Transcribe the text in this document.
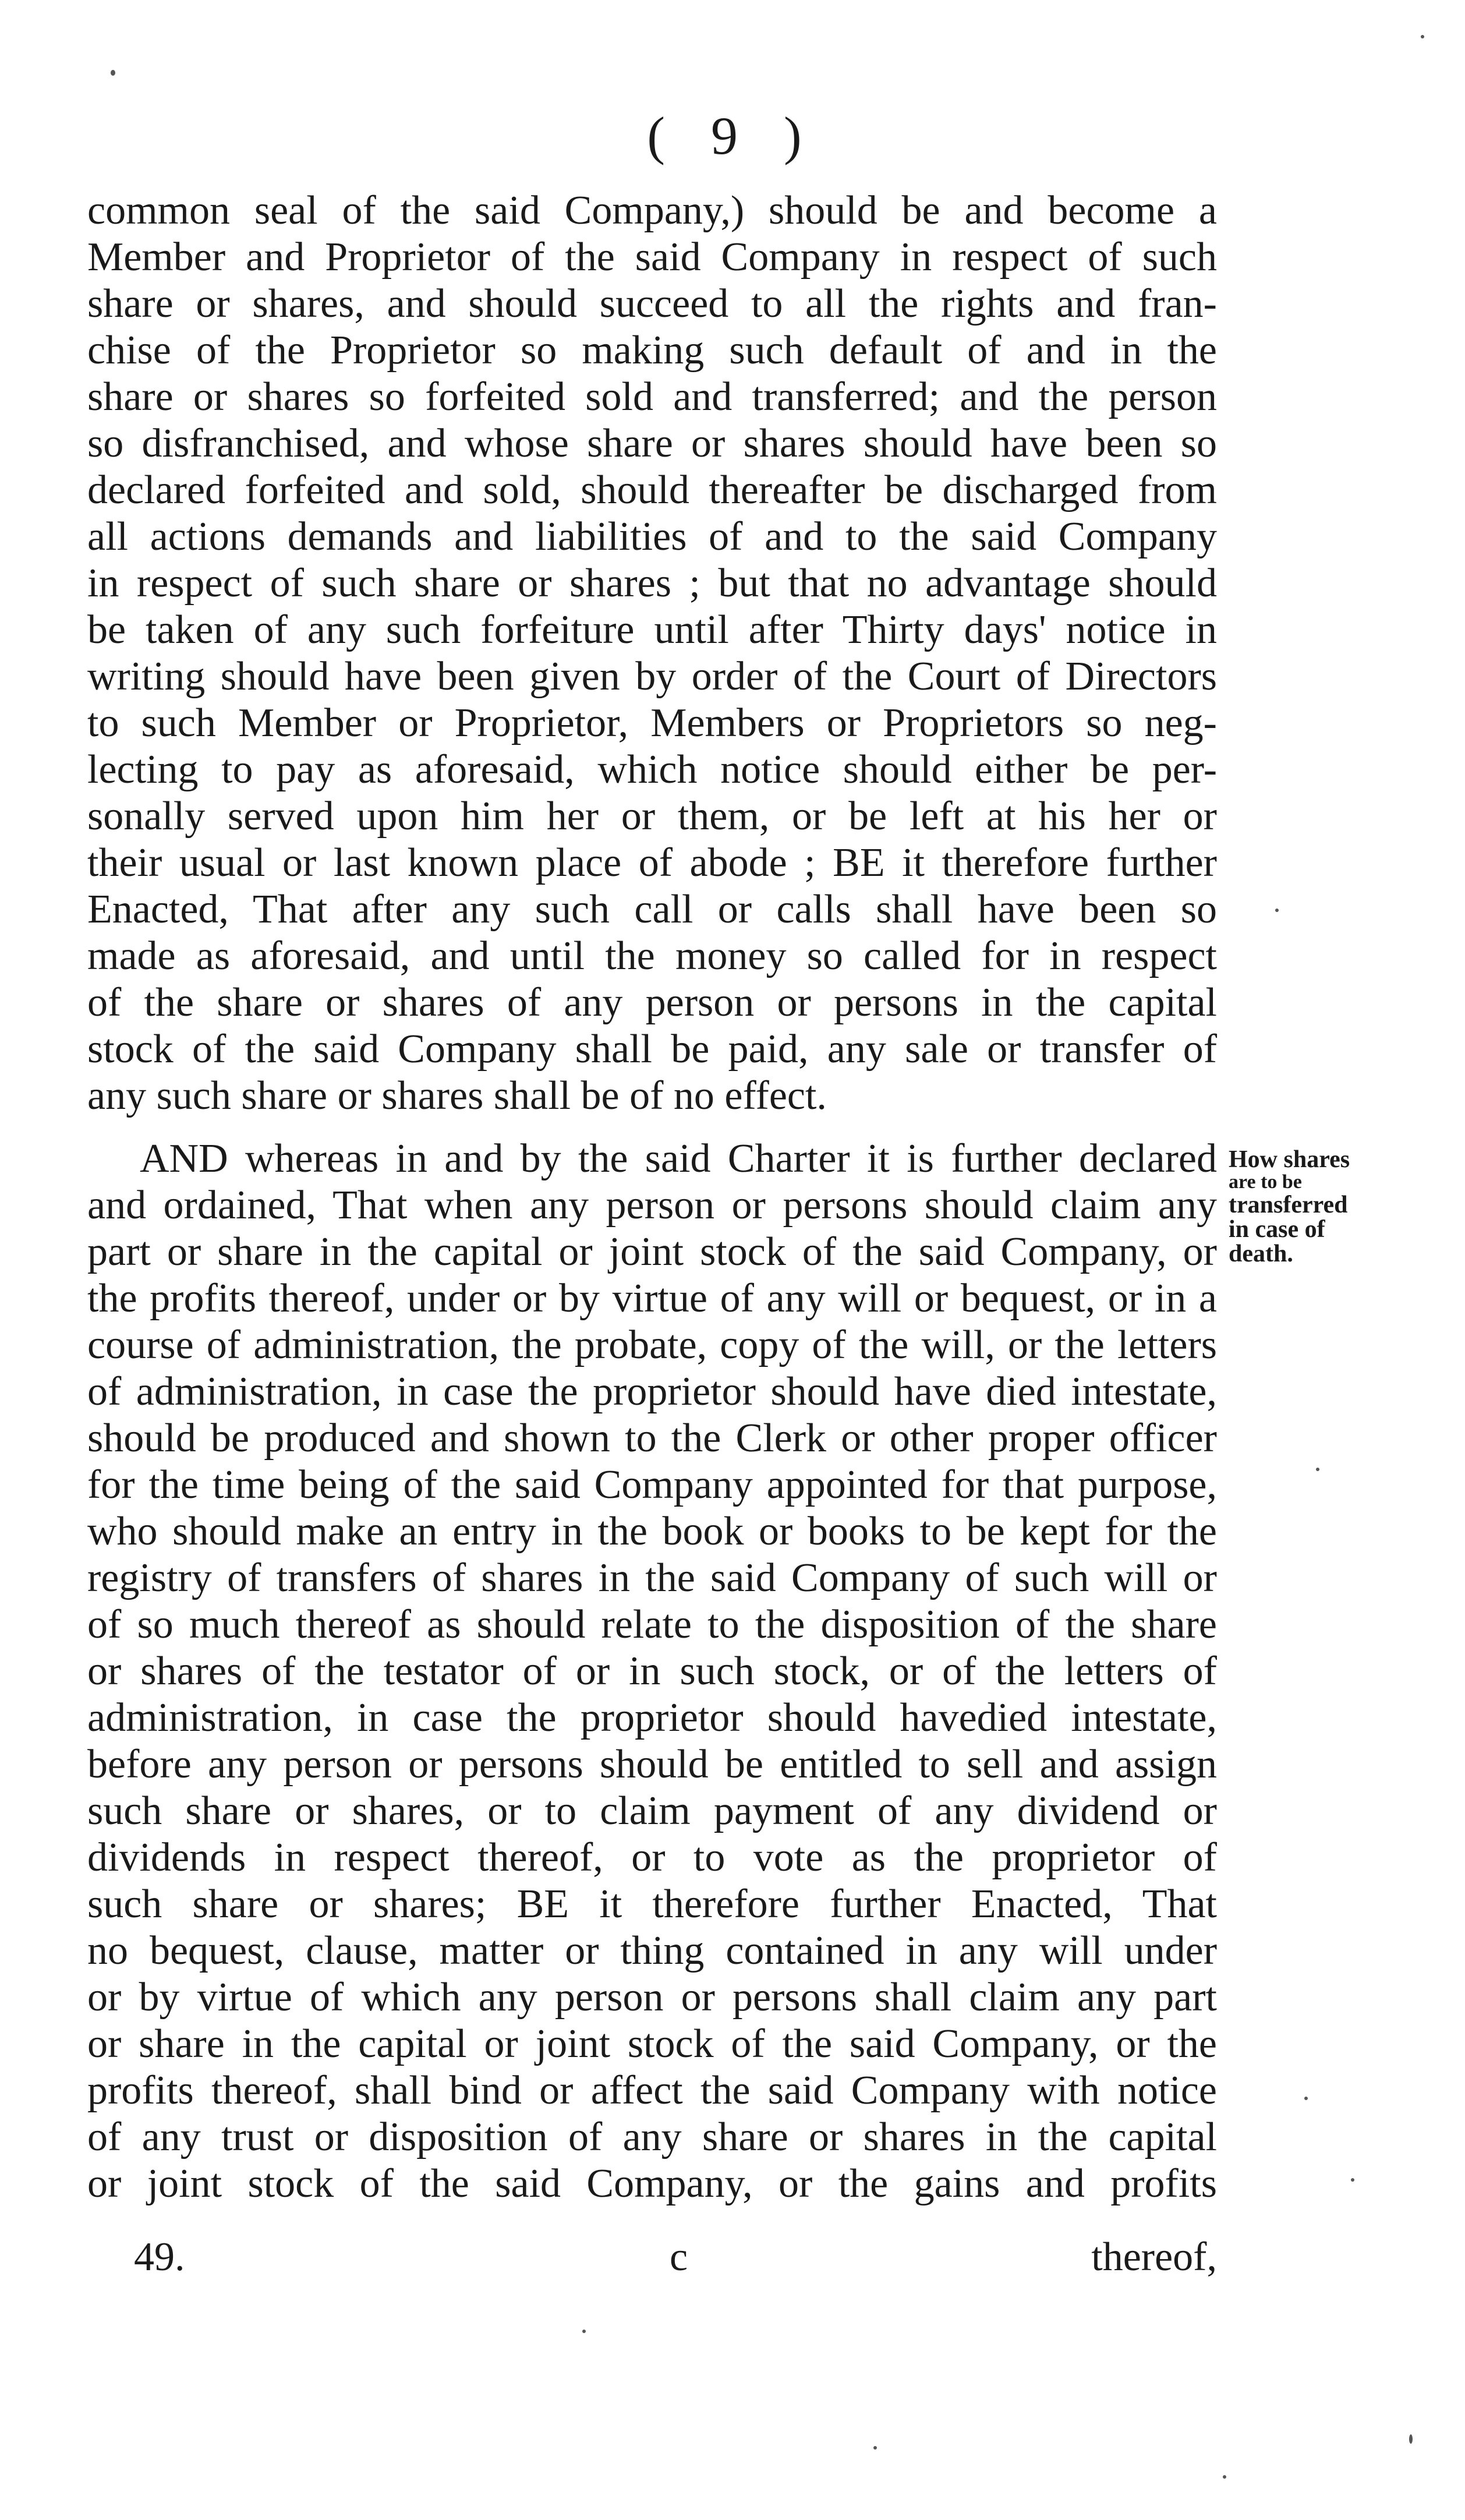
( 9 )
common seal of the said Company,) should be and become a
Member and Proprietor of the said Company in respect of such
share or shares, and should succeed to all the rights and fran-
chise of the Proprietor so making such default of and in the
share or shares so forfeited sold and transferred; and the person
so disfranchised, and whose share or shares should have been so
declared forfeited and sold, should thereafter be discharged from
all actions demands and liabilities of and to the said Company
in respect of such share or shares ; but that no advantage should
be taken of any such forfeiture until after Thirty days' notice in
writing should have been given by order of the Court of Directors
to such Member or Proprietor, Members or Proprietors so neg-
lecting to pay as aforesaid, which notice should either be per-
sonally served upon him her or them, or be left at his her or
their usual or last known place of abode ; BE it therefore further
Enacted, That after any such call or calls shall have been so
made as aforesaid, and until the money so called for in respect
of the share or shares of any person or persons in the capital
stock of the said Company shall be paid, any sale or transfer of
any such share or shares shall be of no effect.
AND whereas in and by the said Charter it is further declared
and ordained, That when any person or persons should claim any
part or share in the capital or joint stock of the said Company, or
the profits thereof, under or by virtue of any will or bequest, or in a
course of administration, the probate, copy of the will, or the letters
of administration, in case the proprietor should have died intestate,
should be produced and shown to the Clerk or other proper officer
for the time being of the said Company appointed for that purpose,
who should make an entry in the book or books to be kept for the
registry of transfers of shares in the said Company of such will or
of so much thereof as should relate to the disposition of the share
or shares of the testator of or in such stock, or of the letters of
administration, in case the proprietor should havedied intestate,
before any person or persons should be entitled to sell and assign
such share or shares, or to claim payment of any dividend or
dividends in respect thereof, or to vote as the proprietor of
such share or shares; BE it therefore further Enacted, That
no bequest, clause, matter or thing contained in any will under
or by virtue of which any person or persons shall claim any part
or share in the capital or joint stock of the said Company, or the
profits thereof, shall bind or affect the said Company with notice
of any trust or disposition of any share or shares in the capital
or joint stock of the said Company, or the gains and profits
How shares
are to be
transferred
in case of
death.
49.	c	thereof,
